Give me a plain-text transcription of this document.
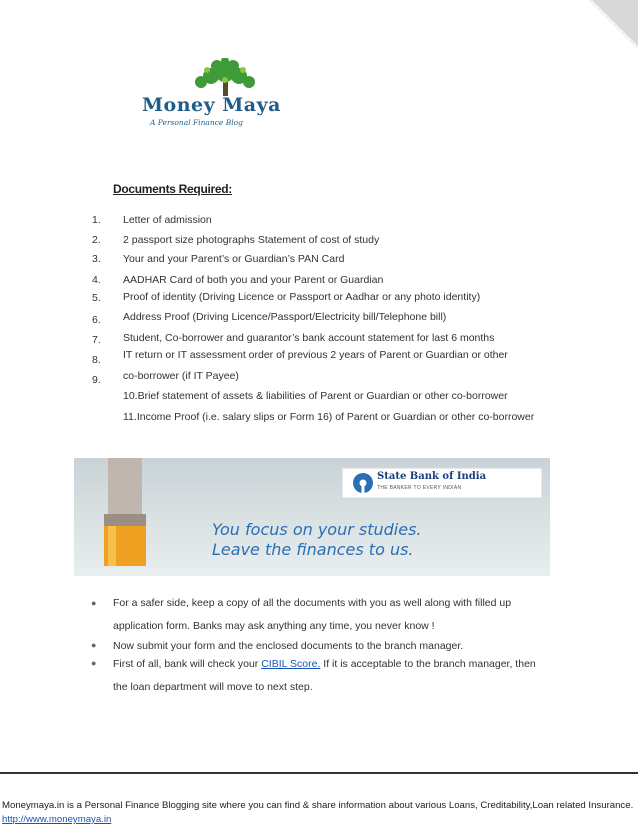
Money Maya
A Personal Finance Blog
Documents Required:
1.
2.
3.
4.
5.
6.
7.
8.
9.
Letter of admission
2 passport size photographs Statement of cost of study
Your and your Parent’s or Guardian’s PAN Card
AADHAR Card of both you and your Parent or Guardian
Proof of identity (Driving Licence or Passport or Aadhar or any photo identity)
Address Proof (Driving Licence/Passport/Electricity bill/Telephone bill)
Student, Co-borrower and guarantor’s bank account statement for last 6 months
IT return or IT assessment order of previous 2 years of Parent or Guardian or other
co-borrower (if IT Payee)
10.Brief statement of assets & liabilities of Parent or Guardian or other co-borrower
11.Income Proof (i.e. salary slips or Form 16) of Parent or Guardian or other co-borrower
State Bank of India
THE BANKER TO EVERY INDIAN
You focus on your studies.
Leave the finances to us.
● For a safer side, keep a copy of all the documents with you as well along with filled up application form. Banks may ask anything any time, you never know !
● Now submit your form and the enclosed documents to the branch manager.
● First of all, bank will check your CIBIL Score. If it is acceptable to the branch manager, then the loan department will move to next step.
Moneymaya.in is a Personal Finance Blogging site where you can find & share information about various Loans, Creditability,Loan related Insurance. http://www.moneymaya.in
